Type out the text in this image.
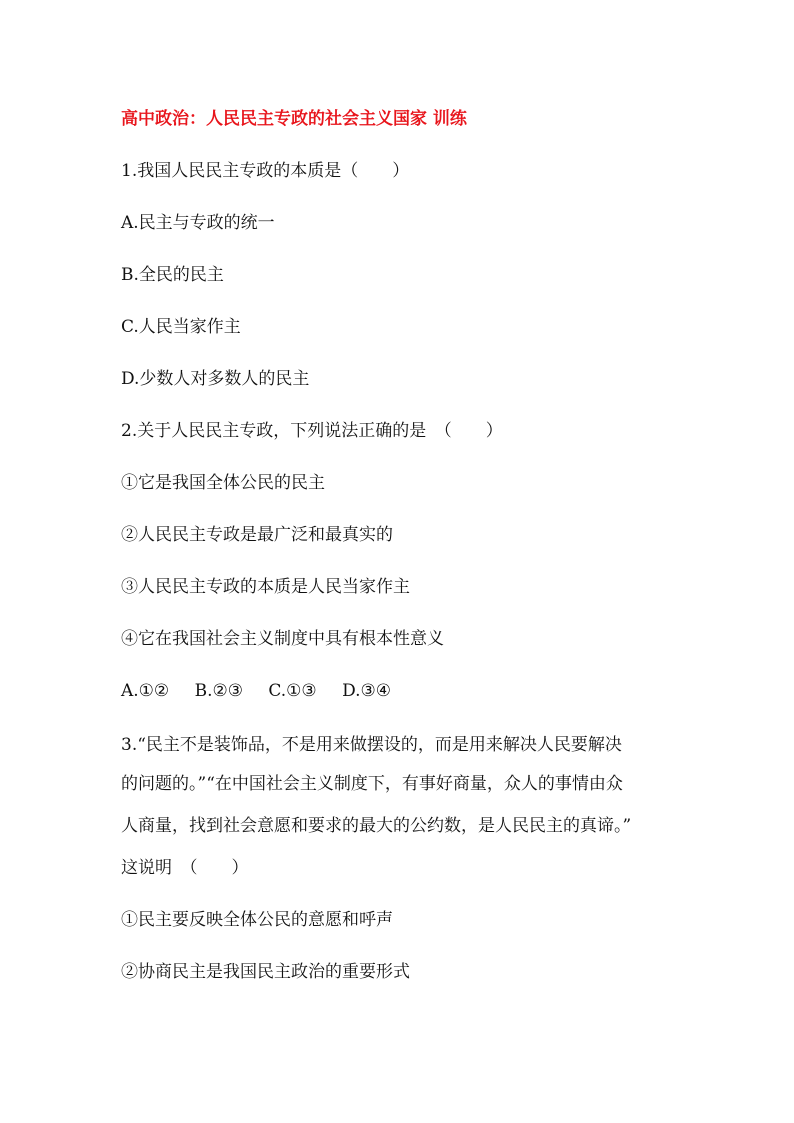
高中政治：人民民主专政的社会主义国家 训练
1.我国人民民主专政的本质是（　　）
A.民主与专政的统一
B.全民的民主
C.人民当家作主
D.少数人对多数人的民主
2.关于人民民主专政，下列说法正确的是　（　　）
①它是我国全体公民的民主
②人民民主专政是最广泛和最真实的
③人民民主专政的本质是人民当家作主
④它在我国社会主义制度中具有根本性意义
A.①② B.②③ C.①③ D.③④
3.“民主不是装饰品，不是用来做摆设的，而是用来解决人民要解决
的问题的。”“在中国社会主义制度下，有事好商量，众人的事情由众
人商量，找到社会意愿和要求的最大的公约数，是人民民主的真谛。”
这说明　（　　）
①民主要反映全体公民的意愿和呼声
②协商民主是我国民主政治的重要形式
